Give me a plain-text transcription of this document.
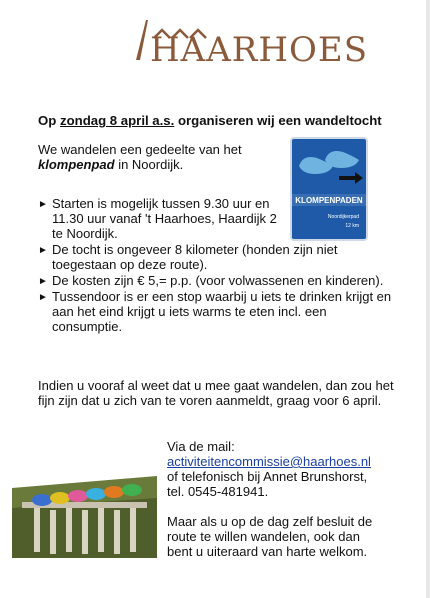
HAARHOES
Op zondag 8 april a.s. organiseren wij een wandeltocht
We wandelen een gedeelte van het
klompenpad in Noordijk.
KLOMPENPADEN
Noordijkerpad
12 km
► Starten is mogelijk tussen 9.30 uur en 11.30 uur vanaf 't Haarhoes, Haardijk 2 te Noordijk.
► De tocht is ongeveer 8 kilometer (honden zijn niet toegestaan op deze route).
► De kosten zijn € 5,= p.p. (voor volwassenen en kinderen).
► Tussendoor is er een stop waarbij u iets te drinken krijgt en aan het eind krijgt u iets warms te eten incl. een consumptie.
Indien u vooraf al weet dat u mee gaat wandelen, dan zou het fijn zijn dat u zich van te voren aanmeldt, graag voor 6 april.
Via de mail:
activiteitencommissie@haarhoes.nl
of telefonisch bij Annet Brunshorst, tel. 0545-481941.
Maar als u op de dag zelf besluit de route te willen wandelen, ook dan bent u uiteraard van harte welkom.
